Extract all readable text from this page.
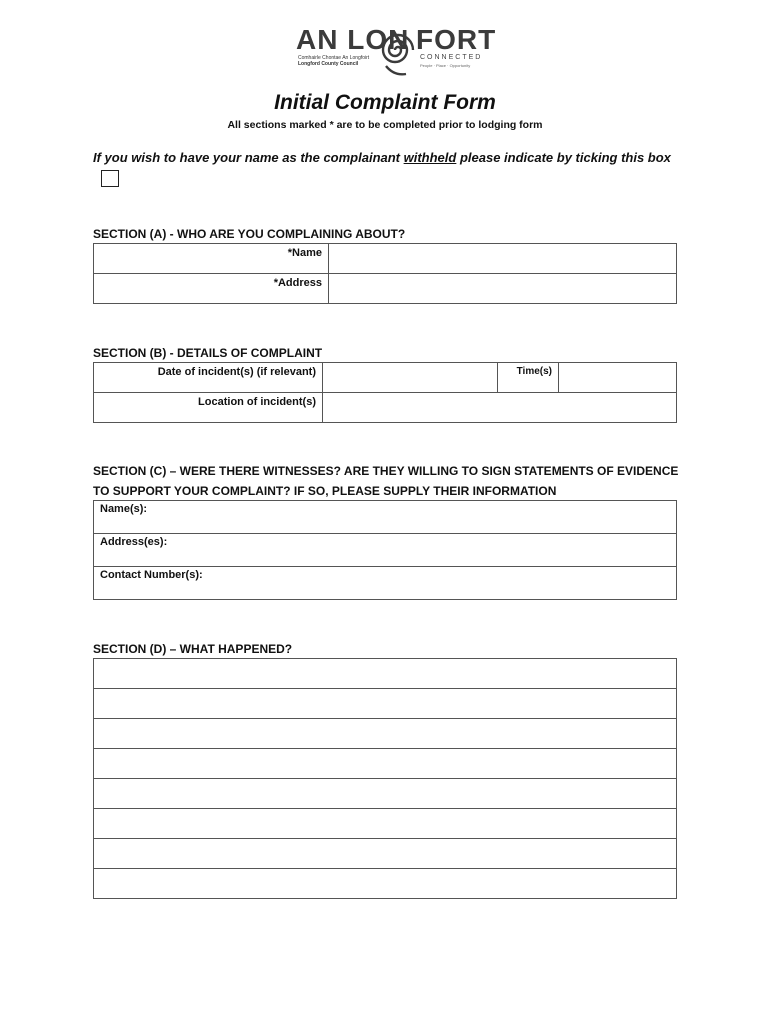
AN LON FORT
Comhairle Chontae An Longfoirt
Longford County Council
CONNECTED
People · Place · Opportunity
Initial Complaint Form
All sections marked * are to be completed prior to lodging form
If you wish to have your name as the complainant withheld please indicate by ticking this box
SECTION (A) - WHO ARE YOU COMPLAINING ABOUT?
*Name	
*Address	
SECTION (B) - DETAILS OF COMPLAINT
Date of incident(s) (if relevant)		Time(s)	
Location of incident(s)			
SECTION (C) – WERE THERE WITNESSES? ARE THEY WILLING TO SIGN STATEMENTS OF EVIDENCE TO SUPPORT YOUR COMPLAINT? IF SO, PLEASE SUPPLY THEIR INFORMATION
Name(s):
Address(es):
Contact Number(s):
SECTION (D) – WHAT HAPPENED?
